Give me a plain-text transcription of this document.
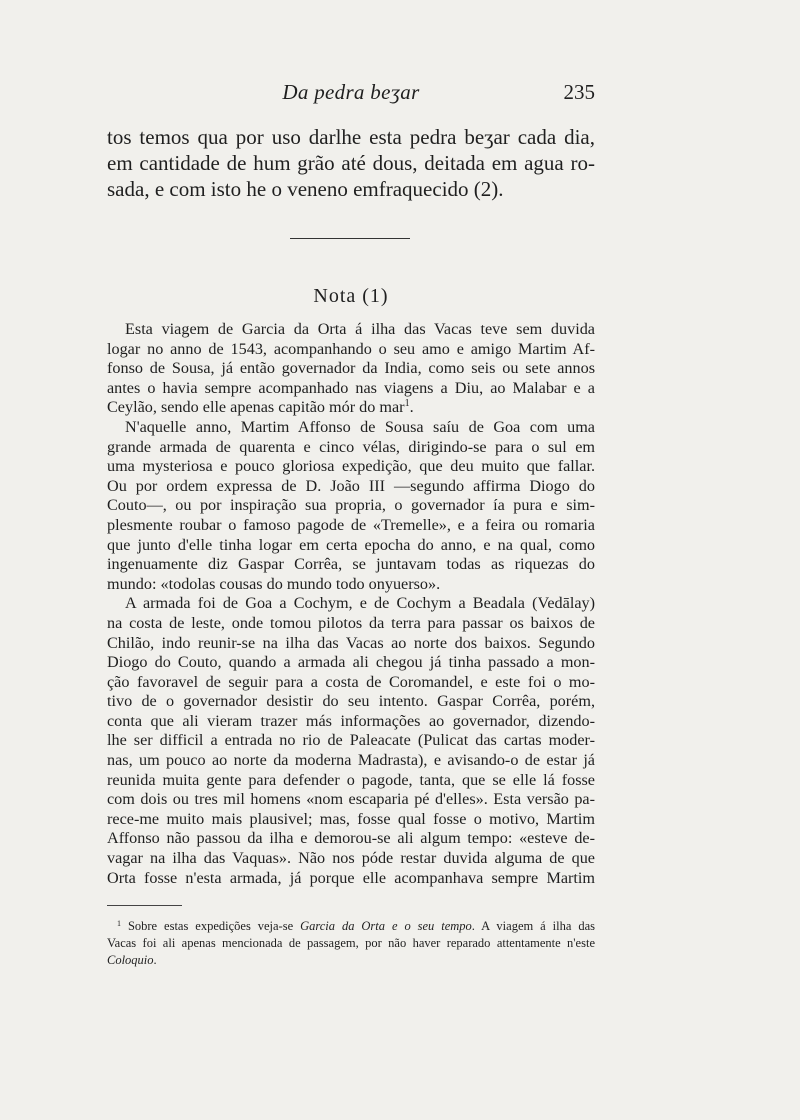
Da pedra beʒar	235
tos temos qua por uso darlhe esta pedra beʒar cada dia,
em cantidade de hum grão até dous, deitada em agua ro-
sada, e com isto he o veneno emfraquecido (2).
Nota (1)
Esta viagem de Garcia da Orta á ilha das Vacas teve sem duvida
logar no anno de 1543, acompanhando o seu amo e amigo Martim Af-
fonso de Sousa, já então governador da India, como seis ou sete annos
antes o havia sempre acompanhado nas viagens a Diu, ao Malabar e a
Ceylão, sendo elle apenas capitão mór do mar$^1$.
N'aquelle anno, Martim Affonso de Sousa saíu de Goa com uma
grande armada de quarenta e cinco vélas, dirigindo-se para o sul em
uma mysteriosa e pouco gloriosa expedição, que deu muito que fallar.
Ou por ordem expressa de D. João III —segundo affirma Diogo do
Couto—, ou por inspiração sua propria, o governador ía pura e sim-
plesmente roubar o famoso pagode de «Tremelle», e a feira ou romaria
que junto d'elle tinha logar em certa epocha do anno, e na qual, como
ingenuamente diz Gaspar Corrêa, se juntavam todas as riquezas do
mundo: «todolas cousas do mundo todo onyuerso».
A armada foi de Goa a Cochym, e de Cochym a Beadala (Vedālay)
na costa de leste, onde tomou pilotos da terra para passar os baixos de
Chilão, indo reunir-se na ilha das Vacas ao norte dos baixos. Segundo
Diogo do Couto, quando a armada ali chegou já tinha passado a mon-
ção favoravel de seguir para a costa de Coromandel, e este foi o mo-
tivo de o governador desistir do seu intento. Gaspar Corrêa, porém,
conta que ali vieram trazer más informações ao governador, dizendo-
lhe ser difficil a entrada no rio de Paleacate (Pulicat das cartas moder-
nas, um pouco ao norte da moderna Madrasta), e avisando-o de estar já
reunida muita gente para defender o pagode, tanta, que se elle lá fosse
com dois ou tres mil homens «nom escaparia pé d'elles». Esta versão pa-
rece-me muito mais plausivel; mas, fosse qual fosse o motivo, Martim
Affonso não passou da ilha e demorou-se ali algum tempo: «esteve de-
vagar na ilha das Vaquas». Não nos póde restar duvida alguma de que
Orta fosse n'esta armada, já porque elle acompanhava sempre Martim
$^1$ Sobre estas expedições veja-se Garcia da Orta e o seu tempo. A viagem á ilha das
Vacas foi ali apenas mencionada de passagem, por não haver reparado attentamente n'este
Coloquio.
